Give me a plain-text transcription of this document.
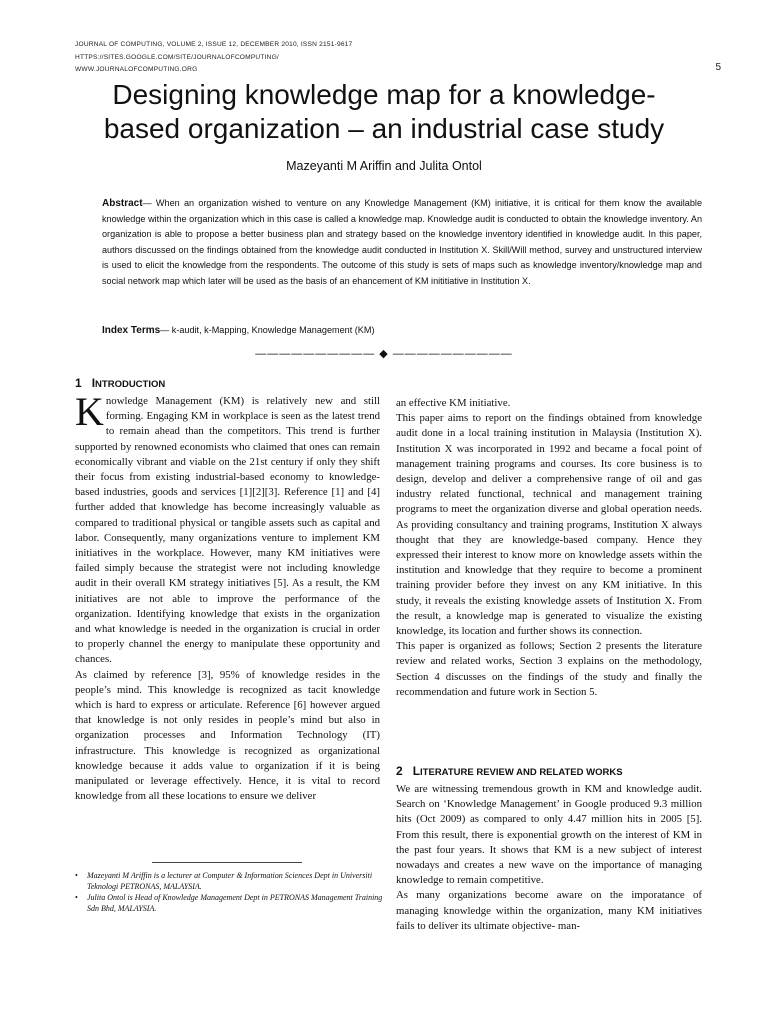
JOURNAL OF COMPUTING, VOLUME 2, ISSUE 12, DECEMBER 2010, ISSN 2151-9617
HTTPS://SITES.GOOGLE.COM/SITE/JOURNALOFCOMPUTING/
WWW.JOURNALOFCOMPUTING.ORG	5
Designing knowledge map for a knowledge-
based organization – an industrial case study
Mazeyanti M Ariffin and Julita Ontol

Abstract— When an organization wished to venture on any Knowledge Management (KM) initiative, it is critical for them know the available knowledge within the organization which in this case is called a knowledge map. Knowledge audit is conducted to obtain the knowledge inventory. An organization is able to propose a better business plan and strategy based on the knowledge inventory identified in knowledge audit. In this paper, authors discussed on the findings obtained from the knowledge audit conducted in Institution X. Skill/Will method, survey and unstructured interview is used to elicit the knowledge from the respondents. The outcome of this study is sets of maps such as knowledge inventory/knowledge map and social network map which later will be used as the basis of an ehancement of KM inititiative in Institution X.

Index Terms— k-audit, k-Mapping, Knowledge Management (KM)
—————————— ◆ ——————————
1 INTRODUCTION

Knowledge Management (KM) is relatively new and still forming. Engaging KM in workplace is seen as the latest trend to remain ahead than the competitors. This trend is further supported by renowned economists who claimed that ones can remain economically vibrant and viable on the 21st century if only they shift their focus from existing industrial-based economy to knowledge-based industries, goods and services [1][2][3]. Reference [1] and [4] further added that knowledge has become increasingly valuable as compared to traditional physical or tangible assets such as capital and labor. Consequently, many organizations venture to implement KM initiatives in the workplace. However, many KM initiatives were failed simply because the strategist were not including knowledge audit in their overall KM strategy initiatives [5]. As a result, the KM initiatives are not able to improve the performance of the organization. Identifying knowledge that exists in the organization and what knowledge is needed in the organization is crucial in order to properly channel the energy to manipulate these opportunity and chances.

As claimed by reference [3], 95% of knowledge resides in the people’s mind. This knowledge is recognized as tacit knowledge which is hard to express or articulate. Reference [6] however argued that knowledge is not only resides in people’s mind but also in organization processes and Information Technology (IT) infrastructure. This knowledge is recognized as organizational knowledge because it adds value to organization if it is being manipulated or leverage effectively. Hence, it is vital to record knowledge from all these locations to ensure we deliver

• Mazeyanti M Ariffin is a lecturer at Computer & Information Sciences Dept in Universiti Teknologi PETRONAS, MALAYSIA.
• Julita Ontol is Head of Knowledge Management Dept in PETRONAS Management Training Sdn Bhd, MALAYSIA.

an effective KM initiative.

This paper aims to report on the findings obtained from knowledge audit done in a local training institution in Malaysia (Institution X). Institution X was incorporated in 1992 and became a focal point of management training programs and courses. Its core business is to design, develop and deliver a comprehensive range of oil and gas industry related functional, technical and management training programs to meet the organization diverse and global operation needs. As providing consultancy and training programs, Institution X always thought that they are knowledge-based company. Hence they expressed their interest to know more on knowledge assets within the institution and knowledge that they require to become a prominent training provider before they invest on any KM initiative. In this study, it reveals the existing knowledge assets of Institution X. From the result, a knowledge map is generated to visualize the existing knowledge, its location and further shows its connection.

This paper is organized as follows; Section 2 presents the literature review and related works, Section 3 explains on the methodology, Section 4 discusses on the findings of the study and finally the recommendation and future work in Section 5.

2 LITERATURE REVIEW AND RELATED WORKS

We are witnessing tremendous growth in KM and knowledge audit. Search on ‘Knowledge Management’ in Google produced 9.3 million hits (Oct 2009) as compared to only 4.47 million hits in 2005 [5]. From this result, there is exponential growth on the interest of KM in the past four years. It shows that KM is a new subject of interest nowadays and creates a new wave on the importance of managing knowledge to remain competitive.

As many organizations become aware on the imporatance of managing knowledge within the organization, many KM initiatives fails to deliver its ultimate objective- man-
